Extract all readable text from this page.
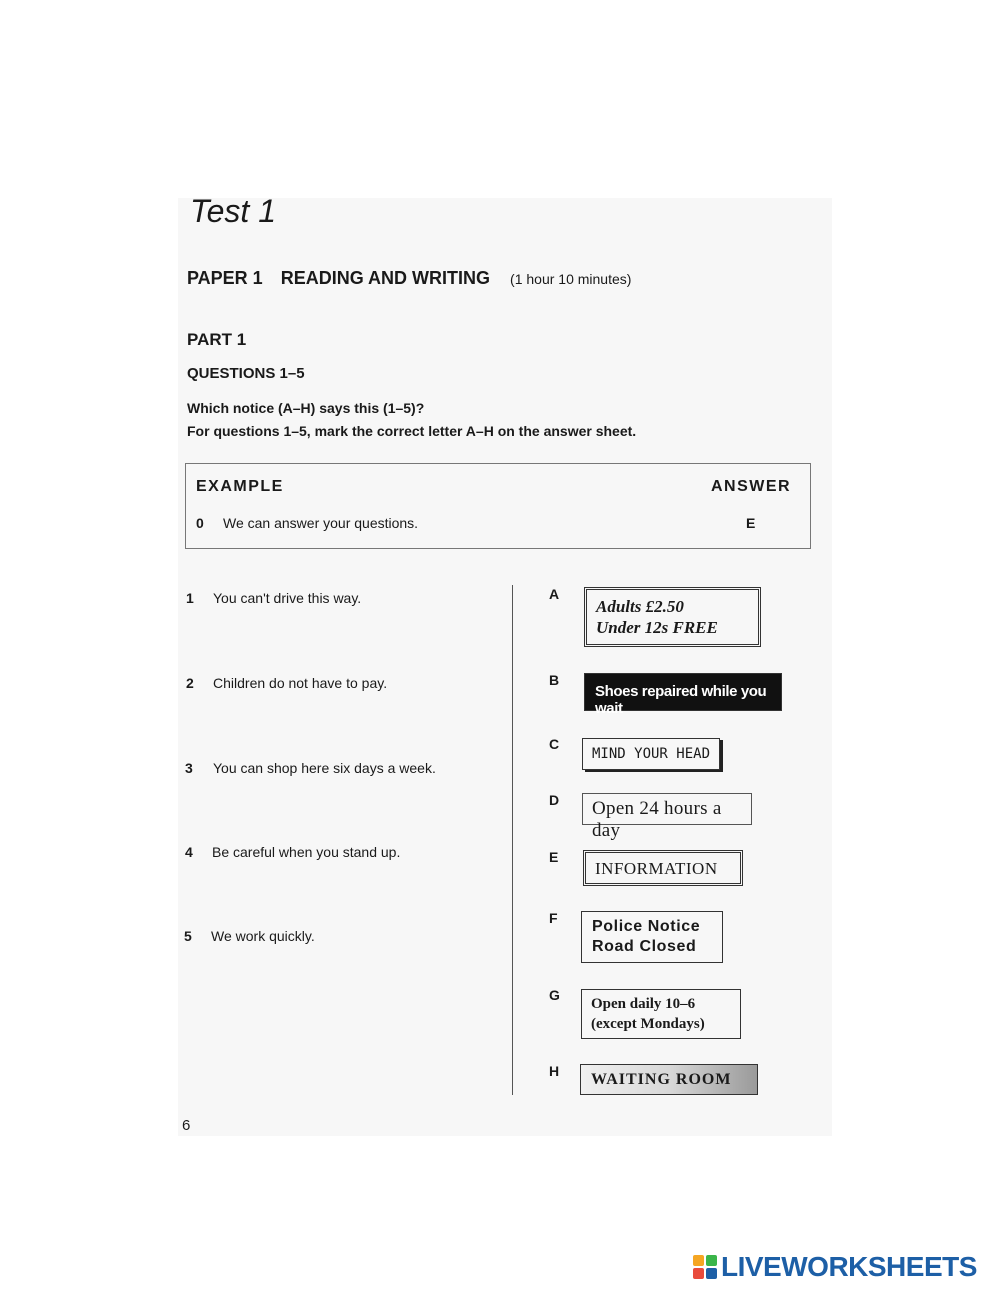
Test 1
PAPER 1 READING AND WRITING (1 hour 10 minutes)
PART 1
QUESTIONS 1–5
Which notice (A–H) says this (1–5)?
For questions 1–5, mark the correct letter A–H on the answer sheet.
EXAMPLE	ANSWER
0 We can answer your questions.	E
1 You can't drive this way.
2 Children do not have to pay.
3 You can shop here six days a week.
4 Be careful when you stand up.
5 We work quickly.
A
Adults £2.50
Under 12s FREE
B
Shoes repaired while you wait
C
MIND YOUR HEAD
D Open 24 hours a day
E
INFORMATION
F Police Notice
Road Closed
G
Open daily 10–6
(except Mondays)
H WAITING ROOM
6
LIVEWORKSHEETS
